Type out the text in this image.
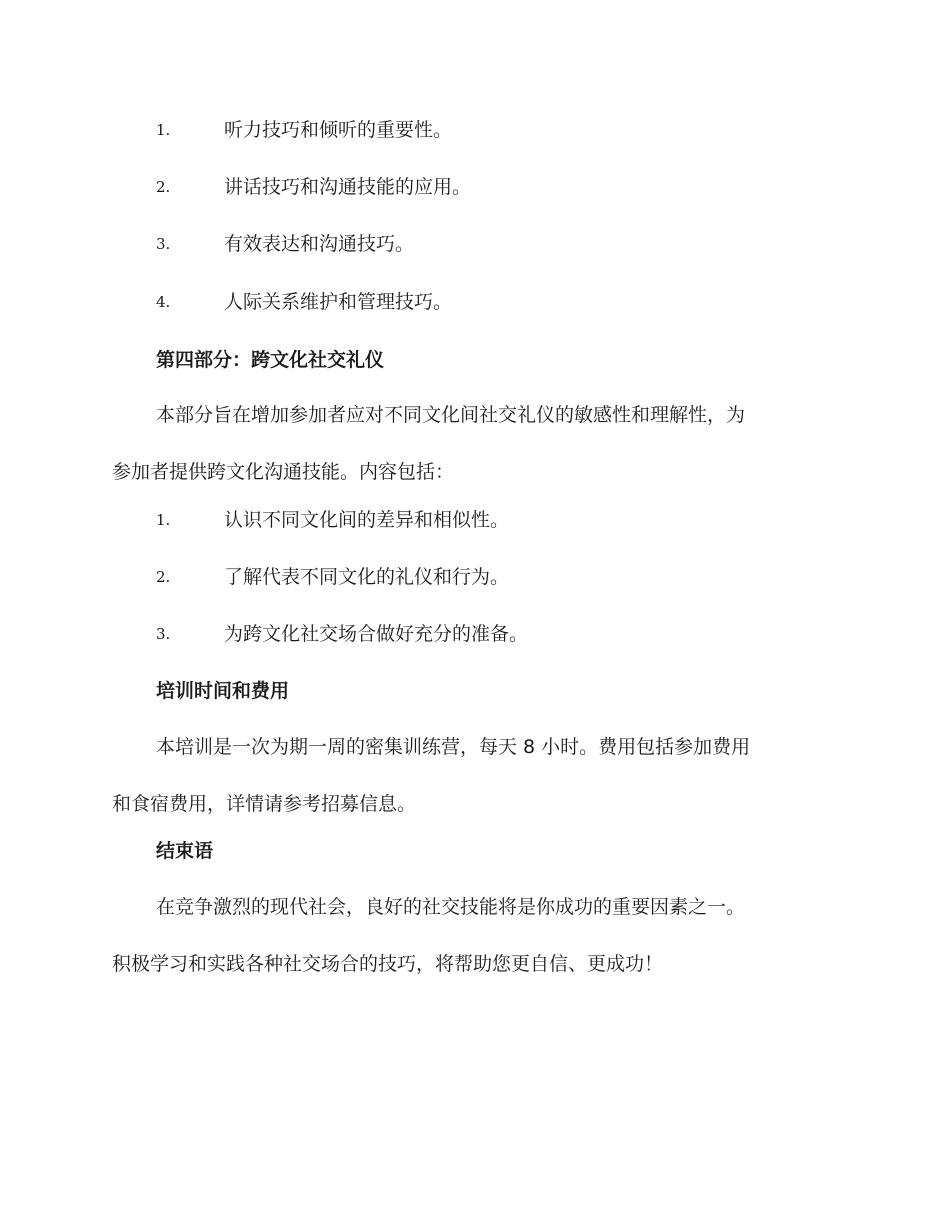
1.	听力技巧和倾听的重要性。
2.	讲话技巧和沟通技能的应用。
3.	有效表达和沟通技巧。
4.	人际关系维护和管理技巧。
第四部分：跨文化社交礼仪
本部分旨在增加参加者应对不同文化间社交礼仪的敏感性和理解性，为
参加者提供跨文化沟通技能。内容包括：
1.	认识不同文化间的差异和相似性。
2.	了解代表不同文化的礼仪和行为。
3.	为跨文化社交场合做好充分的准备。
培训时间和费用
本培训是一次为期一周的密集训练营，每天 8 小时。费用包括参加费用
和食宿费用，详情请参考招募信息。
结束语
在竞争激烈的现代社会，良好的社交技能将是你成功的重要因素之一。
积极学习和实践各种社交场合的技巧，将帮助您更自信、更成功！
